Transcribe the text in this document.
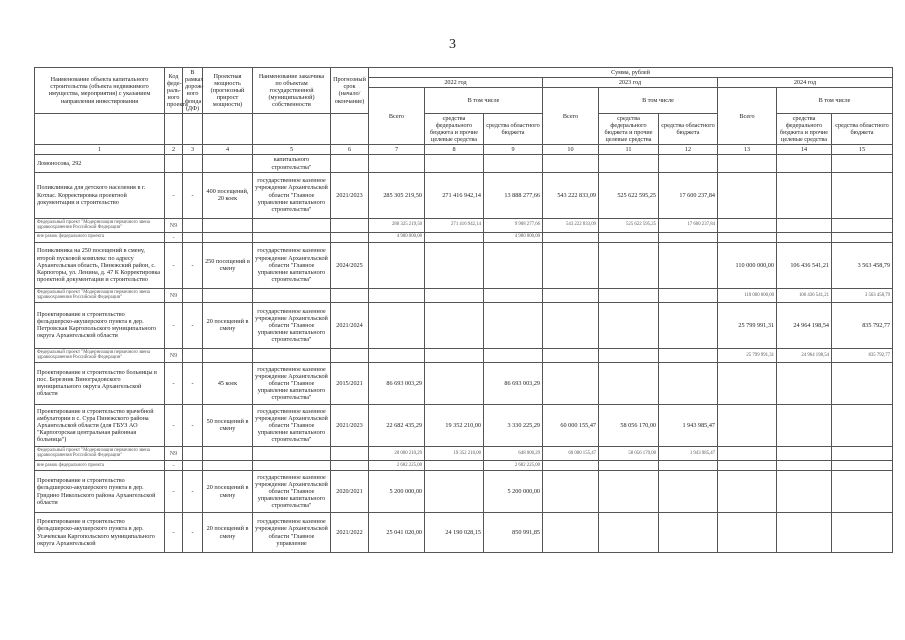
3
Наименование объекта капитального строительства (объекта недвижимого имущества, мероприятия) с указанием направления инвестирования	Код феде-раль-ного проекта	В рамках дорож-ного фонда (ДФ)	Проектная мощность (прогнозный прирост мощности)	Наименование заказчика по объектам государственной (муниципальной) собственности	Прогнозный срок (начало/окончание)	Сумма, рублей								
						2022 год			2023 год			2024 год		
						Всего	В том числе		Всего	В том числе		Всего	В том числе	
							средства федерального бюджета и прочие целевые средства	средства областного бюджета		средства федерального бюджета и прочие целевые средства	средства областного бюджета		средства федерального бюджета и прочие целевые средства	средства областного бюджета
1	2	3	4	5	6	7	8	9	10	11	12	13	14	15
Ломоносова, 292				капитального строительства"										
Поликлиника для детского населения в г. Котлас. Корректировка проектной документации и строительство	-	-	400 посещений, 20 коек	государственное казенное учреждение Архангельской области "Главное управление капитального строительства"	2021/2023	285 305 219,50	271 416 942,14	13 888 277,66	543 222 833,09	525 622 595,25	17 600 237,84			
Федеральный проект "Модернизация первичного звена здравоохранения Российской Федерации"	N9					280 325 219,50	271 416 942,14	9 908 277,66	543 222 833,09	525 622 595,25	17 600 237,84			
вне рамок федерального проекта	-					4 980 000,00		4 980 000,00						
Поликлиника на 250 посещений в смену, второй пусковой комплекс по адресу Архангельская область, Пинежский район, с. Карпогоры, ул. Ленина, д. 47 К Корректировка проектной документации и строительство	-	-	250 посещений в смену	государственное казенное учреждение Архангельской области "Главное управление капитального строительства"	2024/2025							110 000 000,00	106 436 541,21	3 563 458,79
Федеральный проект "Модернизация первичного звена здравоохранения Российской Федерации"	N9											110 000 000,00	106 436 541,21	3 563 458,79
Проектирование и строительство фельдшерско-акушерского пункта в дер. Петровская Каргопольского муниципального округа Архангельской области	-	-	20 посещений в смену	государственное казенное учреждение Архангельской области "Главное управление капитального строительства"	2021/2024							25 799 991,31	24 964 198,54	835 792,77
Федеральный проект "Модернизация первичного звена здравоохранения Российской Федерации"	N9											25 799 991,31	24 964 198,54	835 792,77
Проектирование и строительство больницы в пос. Березник Виноградовского муниципального округа Архангельской области	-	-	45 коек	государственное казенное учреждение Архангельской области "Главное управление капитального строительства"	2015/2021	86 693 003,29		86 693 003,29						
Проектирование и строительство врачебной амбулатории в с. Сура Пинежского района Архангельской области (для ГБУЗ АО "Карпогорская центральная районная больница")	-	-	50 посещений в смену	государственное казенное учреждение Архангельской области "Главное управление капитального строительства"	2021/2023	22 682 435,29	19 352 210,00	3 330 225,29	60 000 155,47	58 056 170,00	1 943 985,47			
Федеральный проект "Модернизация первичного звена здравоохранения Российской Федерации"	N9					20 000 210,29	19 352 210,00	648 000,29	60 000 155,47	58 056 170,00	1 943 985,47			
вне рамок федерального проекта	-					2 682 225,00		2 682 225,00						
Проектирование и строительство фельдшерско-акушерского пункта в дер. Гридино Никольского района Архангельской области	-	-	20 посещений в смену	государственное казенное учреждение Архангельской области "Главное управление капитального строительства"	2020/2021	5 200 000,00		5 200 000,00						
Проектирование и строительство фельдшерско-акушерского пункта в дер. Усачевская Каргопольского муниципального округа Архангельской	-	-	20 посещений в смену	государственное казенное учреждение Архангельской области "Главное управление	2021/2022	25 041 020,00	24 190 028,15	850 991,85						
